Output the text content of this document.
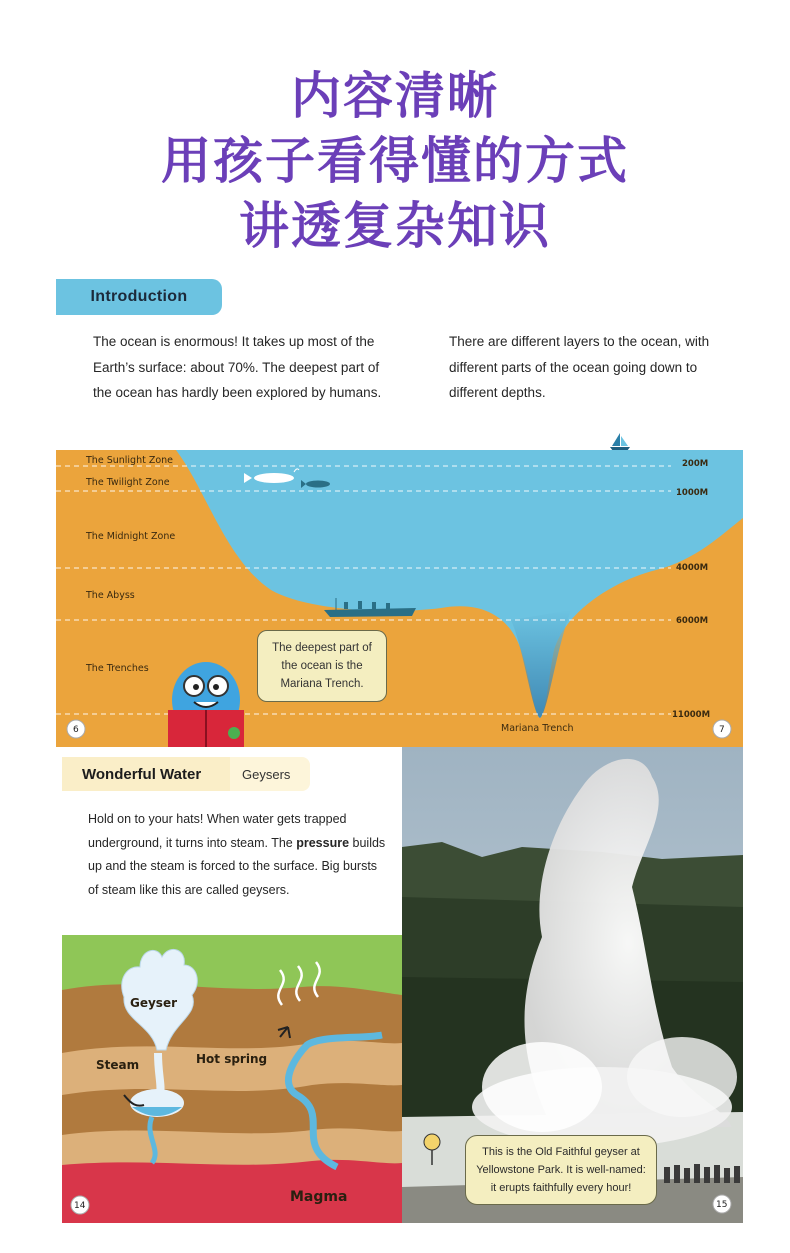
内容清晰
用孩子看得懂的方式
讲透复杂知识
Introduction
The ocean is enormous! It takes up most of the Earth’s surface: about 70%. The deepest part of the ocean has hardly been explored by humans.
There are different layers to the ocean, with different parts of the ocean going down to different depths.
The Sunlight Zone
The Twilight Zone
The Midnight Zone
The Abyss
The Trenches
200M
1000M
4000M
6000M
11000M
6	7
Mariana Trench
The deepest part of the ocean is the Mariana Trench.
Wonderful Water	Geysers
Hold on to your hats! When water gets trapped underground, it turns into steam. The pressure builds up and the steam is forced to the surface. Big bursts of steam like this are called geysers.
Geyser
Steam	Hot spring
Magma
14	15
This is the Old Faithful geyser at Yellowstone Park. It is well-named: it erupts faithfully every hour!
